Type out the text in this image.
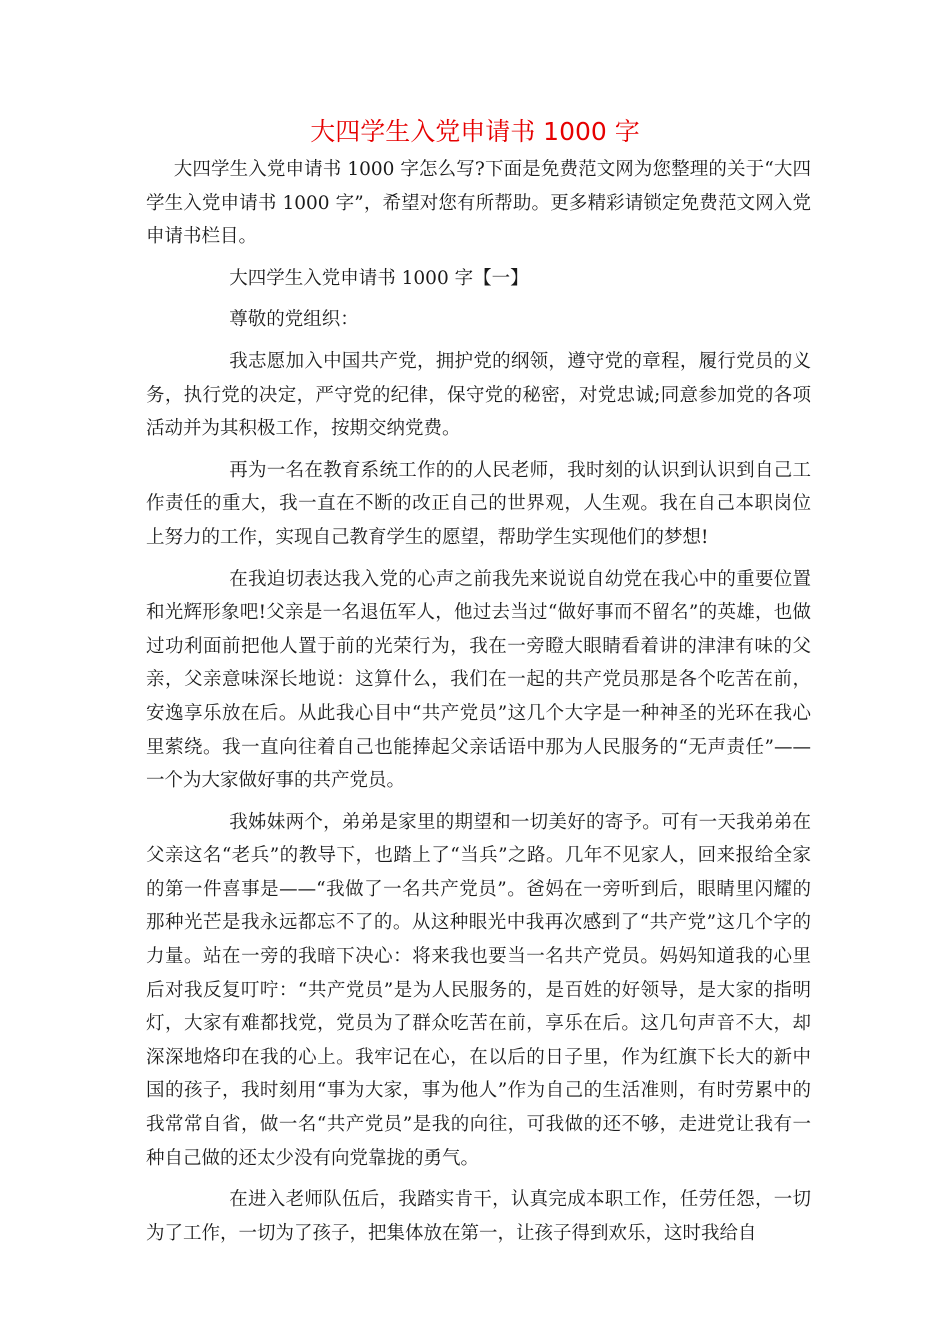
大四学生入党申请书 1000 字

大四学生入党申请书 1000 字怎么写?下面是免费范文网为您整理的关于“大四学生入党申请书 1000 字”，希望对您有所帮助。更多精彩请锁定免费范文网入党申请书栏目。

大四学生入党申请书 1000 字【一】

尊敬的党组织：

我志愿加入中国共产党，拥护党的纲领，遵守党的章程，履行党员的义务，执行党的决定，严守党的纪律，保守党的秘密，对党忠诚;同意参加党的各项活动并为其积极工作，按期交纳党费。

再为一名在教育系统工作的的人民老师，我时刻的认识到认识到自己工作责任的重大，我一直在不断的改正自己的世界观，人生观。我在自己本职岗位上努力的工作，实现自己教育学生的愿望，帮助学生实现他们的梦想!

在我迫切表达我入党的心声之前我先来说说自幼党在我心中的重要位置和光辉形象吧!父亲是一名退伍军人，他过去当过“做好事而不留名”的英雄，也做过功利面前把他人置于前的光荣行为，我在一旁瞪大眼睛看着讲的津津有味的父亲，父亲意味深长地说：这算什么，我们在一起的共产党员那是各个吃苦在前，安逸享乐放在后。从此我心目中“共产党员”这几个大字是一种神圣的光环在我心里萦绕。我一直向往着自己也能捧起父亲话语中那为人民服务的“无声责任”——一个为大家做好事的共产党员。

我姊妹两个，弟弟是家里的期望和一切美好的寄予。可有一天我弟弟在父亲这名“老兵”的教导下，也踏上了“当兵”之路。几年不见家人，回来报给全家的第一件喜事是——“我做了一名共产党员”。爸妈在一旁听到后，眼睛里闪耀的那种光芒是我永远都忘不了的。从这种眼光中我再次感到了“共产党”这几个字的力量。站在一旁的我暗下决心：将来我也要当一名共产党员。妈妈知道我的心里后对我反复叮咛：“共产党员”是为人民服务的，是百姓的好领导，是大家的指明灯，大家有难都找党，党员为了群众吃苦在前，享乐在后。这几句声音不大，却深深地烙印在我的心上。我牢记在心，在以后的日子里，作为红旗下长大的新中国的孩子，我时刻用“事为大家，事为他人”作为自己的生活准则，有时劳累中的我常常自省，做一名“共产党员”是我的向往，可我做的还不够，走进党让我有一种自己做的还太少没有向党靠拢的勇气。

在进入老师队伍后，我踏实肯干，认真完成本职工作，任劳任怨，一切为了工作，一切为了孩子，把集体放在第一，让孩子得到欢乐，这时我给自
